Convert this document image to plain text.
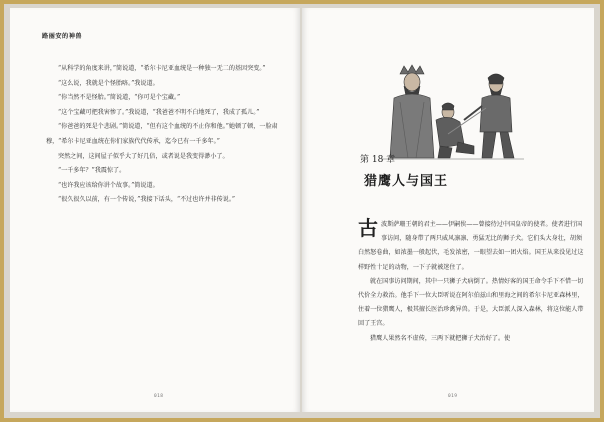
路丽安的神兽

“从科学的角度来讲，”简说道，“希尔卡尼亚血统是一种独一无二的基因突变。”

“这么说，我就是个怪胎咯。”我说道。

“你当然不是怪胎。”简说道，“你可是个宝藏。”

“这个宝藏可把我害惨了。”我说道，“我爸爸不明不白地死了，我成了孤儿。”

“你爸爸的死是个悲剧。”简说道，“但有这个血统的不止你和他。”她顿了顿，一脸肃穆，“希尔卡尼亚血统在你们家族代代传承，迄今已有一千多年。”

突然之间，这间屋子似乎大了好几倍，或者说是我变得渺小了。

“一千多年？”我震惊了。

“也许我应该给你讲个故事。”简说道。

“很久很久以前，有一个传说，”我接下话头，“不过也许并非传说。”

018
第 18 章
猎鹰人与国王

古波斯萨珊王朝的君主——伊嗣俟——曾接待过中国皇帝的使者。使者进行国事访问，随身带了两只威风凛凛、勇猛无比的狮子犬。它们头大身壮，胡须白然怒卷曲，如浓墨一般起伏，毛发浓密，一眼望去如一团火焰。国王从来没见过这样野性十足的动物，一下子就被迷住了。

就在国事访问期间，其中一只狮子犬病倒了。热情好客的国王命令手下不惜一切代价全力救治。他手下一位大臣听说在阿尔伯兹山和里海之间的希尔卡尼亚森林里，住着一位猎鹰人，极其擅长医治珍禽异兽。于是，大臣派人深入森林，将这位能人带回了王宫。

猎鹰人果然名不虚传，三两下就把狮子犬治好了。使

019
